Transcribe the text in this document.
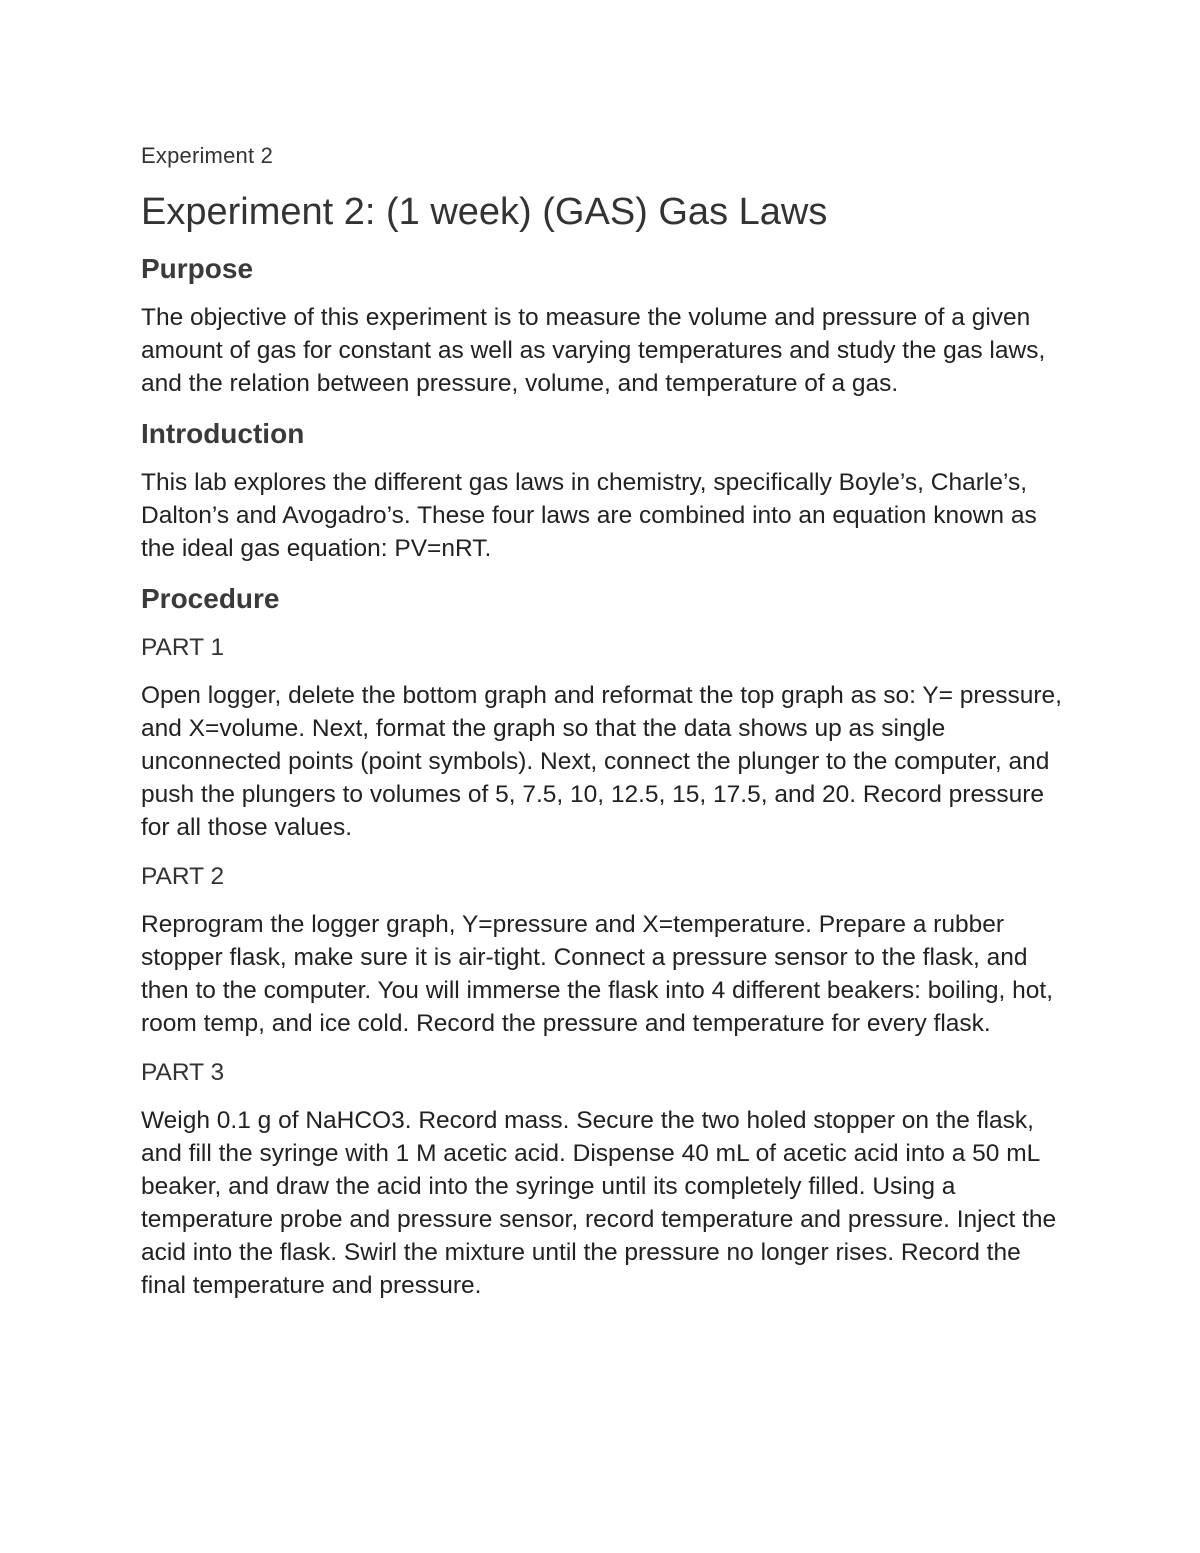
Experiment 2
Experiment 2: (1 week) (GAS) Gas Laws
Purpose

The objective of this experiment is to measure the volume and pressure of a given amount of gas for constant as well as varying temperatures and study the gas laws, and the relation between pressure, volume, and temperature of a gas.

Introduction

This lab explores the different gas laws in chemistry, specifically Boyle’s, Charle’s, Dalton’s and Avogadro’s. These four laws are combined into an equation known as the ideal gas equation: PV=nRT.

Procedure
PART 1

Open logger, delete the bottom graph and reformat the top graph as so: Y= pressure, and X=volume. Next, format the graph so that the data shows up as single unconnected points (point symbols). Next, connect the plunger to the computer, and push the plungers to volumes of 5, 7.5, 10, 12.5, 15, 17.5, and 20. Record pressure for all those values.

PART 2

Reprogram the logger graph, Y=pressure and X=temperature. Prepare a rubber stopper flask, make sure it is air-tight. Connect a pressure sensor to the flask, and then to the computer. You will immerse the flask into 4 different beakers: boiling, hot, room temp, and ice cold. Record the pressure and temperature for every flask.

PART 3

Weigh 0.1 g of NaHCO3. Record mass. Secure the two holed stopper on the flask, and fill the syringe with 1 M acetic acid. Dispense 40 mL of acetic acid into a 50 mL beaker, and draw the acid into the syringe until its completely filled. Using a temperature probe and pressure sensor, record temperature and pressure. Inject the acid into the flask. Swirl the mixture until the pressure no longer rises. Record the final temperature and pressure.
